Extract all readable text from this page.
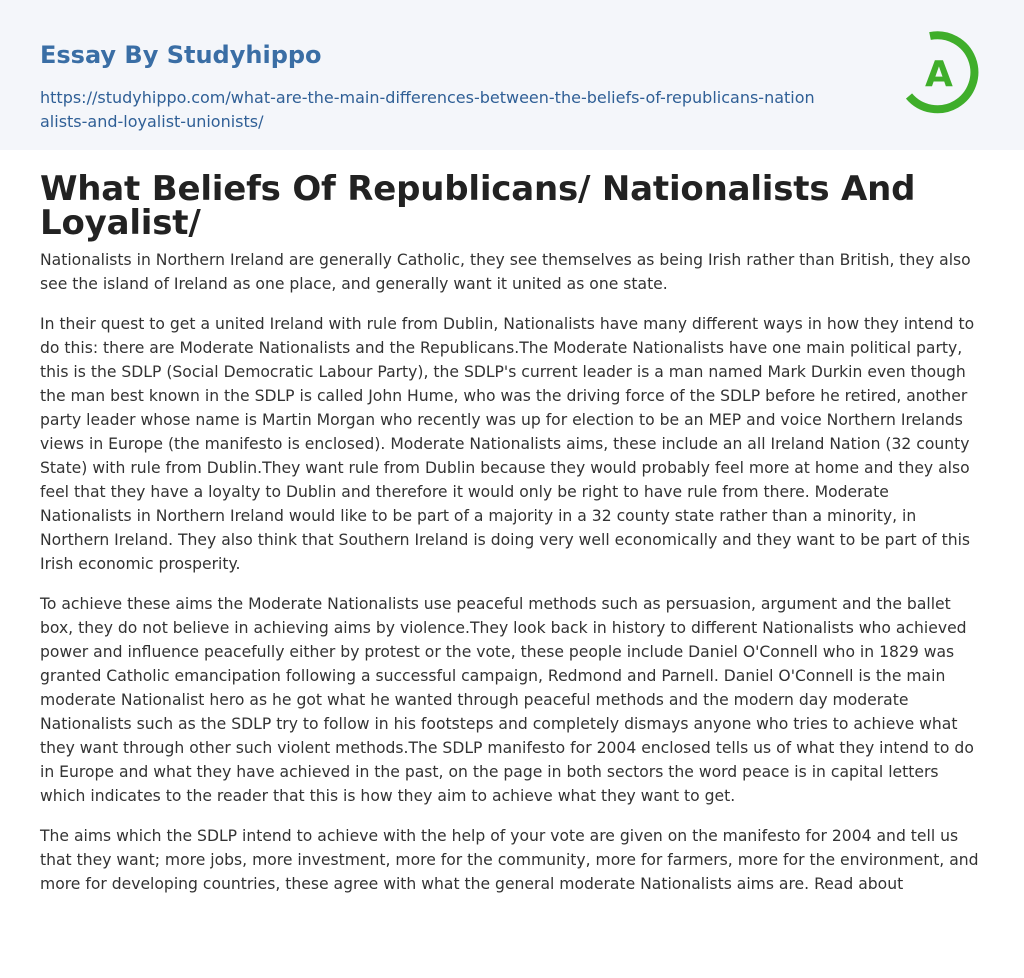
Essay By Studyhippo
https://studyhippo.com/what-are-the-main-differences-between-the-beliefs-of-republicans-nationalists-and-loyalist-unionists/
A
What Beliefs Of Republicans/ Nationalists And Loyalist/

Nationalists in Northern Ireland are generally Catholic, they see themselves as being Irish rather than British, they also see the island of Ireland as one place, and generally want it united as one state.

In their quest to get a united Ireland with rule from Dublin, Nationalists have many different ways in how they intend to do this: there are Moderate Nationalists and the Republicans.The Moderate Nationalists have one main political party, this is the SDLP (Social Democratic Labour Party), the SDLP's current leader is a man named Mark Durkin even though the man best known in the SDLP is called John Hume, who was the driving force of the SDLP before he retired, another party leader whose name is Martin Morgan who recently was up for election to be an MEP and voice Northern Irelands views in Europe (the manifesto is enclosed). Moderate Nationalists aims, these include an all Ireland Nation (32 county State) with rule from Dublin.They want rule from Dublin because they would probably feel more at home and they also feel that they have a loyalty to Dublin and therefore it would only be right to have rule from there. Moderate Nationalists in Northern Ireland would like to be part of a majority in a 32 county state rather than a minority, in Northern Ireland. They also think that Southern Ireland is doing very well economically and they want to be part of this Irish economic prosperity.

To achieve these aims the Moderate Nationalists use peaceful methods such as persuasion, argument and the ballet box, they do not believe in achieving aims by violence.They look back in history to different Nationalists who achieved power and influence peacefully either by protest or the vote, these people include Daniel O'Connell who in 1829 was granted Catholic emancipation following a successful campaign, Redmond and Parnell. Daniel O'Connell is the main moderate Nationalist hero as he got what he wanted through peaceful methods and the modern day moderate Nationalists such as the SDLP try to follow in his footsteps and completely dismays anyone who tries to achieve what they want through other such violent methods.The SDLP manifesto for 2004 enclosed tells us of what they intend to do in Europe and what they have achieved in the past, on the page in both sectors the word peace is in capital letters which indicates to the reader that this is how they aim to achieve what they want to get.

The aims which the SDLP intend to achieve with the help of your vote are given on the manifesto for 2004 and tell us that they want; more jobs, more investment, more for the community, more for farmers, more for the environment, and more for developing countries, these agree with what the general moderate Nationalists aims are. Read about
